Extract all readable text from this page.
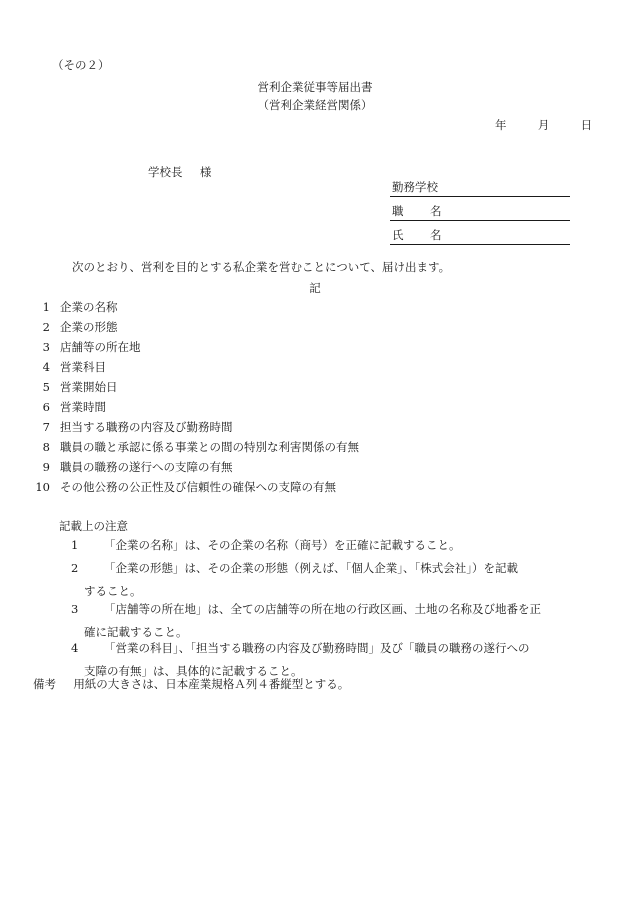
（その２）
営利企業従事等届出書
（営利企業経営関係）
年	月	日
学校長 様
勤務学校
職 名
氏 名
次のとおり、営利を目的とする私企業を営むことについて、届け出ます。
記
1 企業の名称
2 企業の形態
3 店舗等の所在地
4 営業科目
5 営業開始日
6 営業時間
7 担当する職務の内容及び勤務時間
8 職員の職と承認に係る事業との間の特別な利害関係の有無
9 職員の職務の遂行への支障の有無
10 その他公務の公正性及び信頼性の確保への支障の有無
記載上の注意
1	「企業の名称」は、その企業の名称（商号）を正確に記載すること。
2	「企業の形態」は、その企業の形態（例えば、「個人企業」、「株式会社」）を記載
すること。
3	「店舗等の所在地」は、全ての店舗等の所在地の行政区画、土地の名称及び地番を正
確に記載すること。
4	「営業の科目」、「担当する職務の内容及び勤務時間」及び「職員の職務の遂行への
支障の有無」は、具体的に記載すること。
備考 用紙の大きさは、日本産業規格Ａ列４番縦型とする。
